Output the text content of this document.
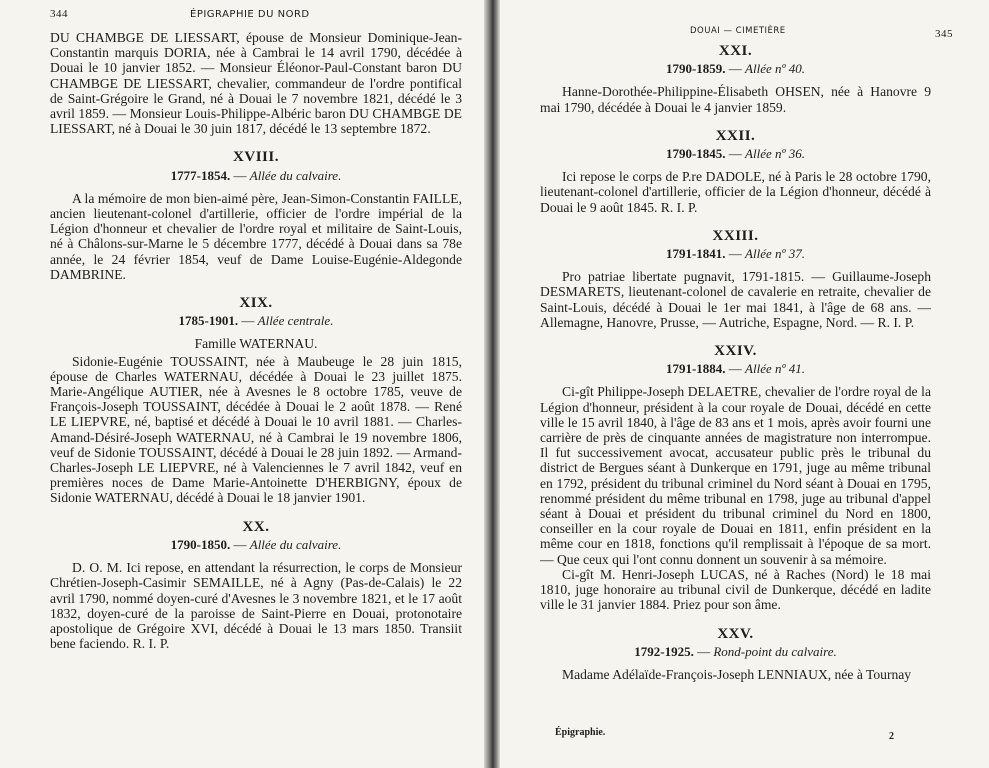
344	ÉPIGRAPHIE DU NORD

DU CHAMBGE DE LIESSART, épouse de Monsieur Dominique-Jean-Constantin marquis DORIA, née à Cambrai le 14 avril 1790, décédée à Douai le 10 janvier 1852. — Monsieur Éléonor-Paul-Constant baron DU CHAMBGE DE LIESSART, chevalier, commandeur de l'ordre pontifical de Saint-Grégoire le Grand, né à Douai le 7 novembre 1821, décédé le 3 avril 1859. — Monsieur Louis-Philippe-Albéric baron DU CHAMBGE DE LIESSART, né à Douai le 30 juin 1817, décédé le 13 septembre 1872.

XVIII.
1777-1854. — Allée du calvaire.

A la mémoire de mon bien-aimé père, Jean-Simon-Constantin FAILLE, ancien lieutenant-colonel d'artillerie, officier de l'ordre impérial de la Légion d'honneur et chevalier de l'ordre royal et militaire de Saint-Louis, né à Châlons-sur-Marne le 5 décembre 1777, décédé à Douai dans sa 78e année, le 24 février 1854, veuf de Dame Louise-Eugénie-Aldegonde DAMBRINE.

XIX.
1785-1901. — Allée centrale.
Famille WATERNAU.

Sidonie-Eugénie TOUSSAINT, née à Maubeuge le 28 juin 1815, épouse de Charles WATERNAU, décédée à Douai le 23 juillet 1875. Marie-Angélique AUTIER, née à Avesnes le 8 octobre 1785, veuve de François-Joseph TOUSSAINT, décédée à Douai le 2 août 1878. — René LE LIEPVRE, né, baptisé et décédé à Douai le 10 avril 1881. — Charles-Amand-Désiré-Joseph WATERNAU, né à Cambrai le 19 novembre 1806, veuf de Sidonie TOUSSAINT, décédé à Douai le 28 juin 1892. — Armand-Charles-Joseph LE LIEPVRE, né à Valenciennes le 7 avril 1842, veuf en premières noces de Dame Marie-Antoinette D'HERBIGNY, époux de Sidonie WATERNAU, décédé à Douai le 18 janvier 1901.

XX.
1790-1850. — Allée du calvaire.

D. O. M. Ici repose, en attendant la résurrection, le corps de Monsieur Chrétien-Joseph-Casimir SEMAILLE, né à Agny (Pas-de-Calais) le 22 avril 1790, nommé doyen-curé d'Avesnes le 3 novembre 1821, et le 17 août 1832, doyen-curé de la paroisse de Saint-Pierre en Douai, protonotaire apostolique de Grégoire XVI, décédé à Douai le 13 mars 1850. Transiit bene faciendo. R. I. P.

DOUAI — CIMETIÈRE	345
XXI.
1790-1859. — Allée nº 40.

Hanne-Dorothée-Philippine-Élisabeth OHSEN, née à Hanovre 9 mai 1790, décédée à Douai le 4 janvier 1859.

XXII.
1790-1845. — Allée nº 36.

Ici repose le corps de P.re DADOLE, né à Paris le 28 octobre 1790, lieutenant-colonel d'artillerie, officier de la Légion d'honneur, décédé à Douai le 9 août 1845. R. I. P.

XXIII.
1791-1841. — Allée nº 37.

Pro patriae libertate pugnavit, 1791-1815. — Guillaume-Joseph DESMARETS, lieutenant-colonel de cavalerie en retraite, chevalier de Saint-Louis, décédé à Douai le 1er mai 1841, à l'âge de 68 ans. — Allemagne, Hanovre, Prusse, — Autriche, Espagne, Nord. — R. I. P.

XXIV.
1791-1884. — Allée nº 41.

Ci-gît Philippe-Joseph DELAETRE, chevalier de l'ordre royal de la Légion d'honneur, président à la cour royale de Douai, décédé en cette ville le 15 avril 1840, à l'âge de 83 ans et 1 mois, après avoir fourni une carrière de près de cinquante années de magistrature non interrompue. Il fut successivement avocat, accusateur public près le tribunal du district de Bergues séant à Dunkerque en 1791, juge au même tribunal en 1792, président du tribunal criminel du Nord séant à Douai en 1795, renommé président du même tribunal en 1798, juge au tribunal d'appel séant à Douai et président du tribunal criminel du Nord en 1800, conseiller en la cour royale de Douai en 1811, enfin président en la même cour en 1818, fonctions qu'il remplissait à l'époque de sa mort. — Que ceux qui l'ont connu donnent un souvenir à sa mémoire.

Ci-gît M. Henri-Joseph LUCAS, né à Raches (Nord) le 18 mai 1810, juge honoraire au tribunal civil de Dunkerque, décédé en ladite ville le 31 janvier 1884. Priez pour son âme.

XXV.
1792-1925. — Rond-point du calvaire.

Madame Adélaïde-François-Joseph LENNIAUX, née à Tournay

Épigraphie.	2
